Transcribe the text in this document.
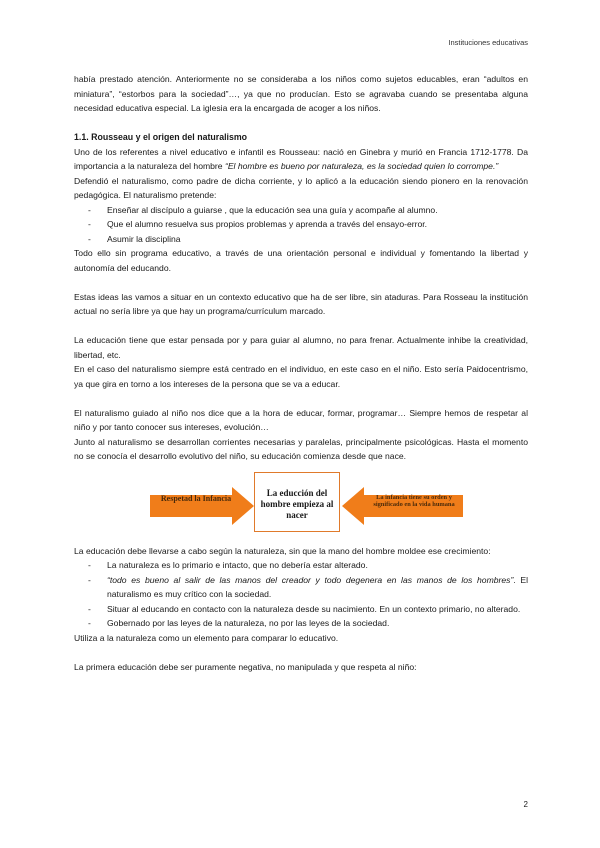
Instituciones educativas

había prestado atención. Anteriormente no se consideraba a los niños como sujetos educables, eran “adultos en miniatura”, “estorbos para la sociedad”…, ya que no producían. Esto se agravaba cuando se presentaba alguna necesidad educativa especial. La iglesia era la encargada de acoger a los niños.

1.1. Rousseau y el origen del naturalismo

Uno de los referentes a nivel educativo e infantil es Rousseau: nació en Ginebra y murió en Francia 1712-1778. Da importancia a la naturaleza del hombre “El hombre es bueno por naturaleza, es la sociedad quien lo corrompe.”

Defendió el naturalismo, como padre de dicha corriente, y lo aplicó a la educación siendo pionero en la renovación pedagógica. El naturalismo pretende:

- Enseñar al discípulo a guiarse , que la educación sea una guía y acompañe al alumno.
- Que el alumno resuelva sus propios problemas y aprenda a través del ensayo-error.
- Asumir la disciplina

Todo ello sin programa educativo, a través de una orientación personal e individual y fomentando la libertad y autonomía del educando.

Estas ideas las vamos a situar en un contexto educativo que ha de ser libre, sin ataduras. Para Rosseau la institución actual no sería libre ya que hay un programa/currículum marcado.

La educación tiene que estar pensada por y para guiar al alumno, no para frenar. Actualmente inhibe la creatividad, libertad, etc.

En el caso del naturalismo siempre está centrado en el individuo, en este caso en el niño. Esto sería Paidocentrismo, ya que gira en torno a los intereses de la persona que se va a educar.

El naturalismo guiado al niño nos dice que a la hora de educar, formar, programar… Siempre hemos de respetar al niño y por tanto conocer sus intereses, evolución…

Junto al naturalismo se desarrollan corrientes necesarias y paralelas, principalmente psicológicas. Hasta el momento no se conocía el desarrollo evolutivo del niño, su educación comienza desde que nace.

Respetad la Infancia
La educción del hombre empieza al nacer
La infancia tiene su orden y significado en la vida humana

La educación debe llevarse a cabo según la naturaleza, sin que la mano del hombre moldee ese crecimiento:

- La naturaleza es lo primario e intacto, que no debería estar alterado.
- “todo es bueno al salir de las manos del creador y todo degenera en las manos de los hombres”. El naturalismo es muy crítico con la sociedad.
- Situar al educando en contacto con la naturaleza desde su nacimiento. En un contexto primario, no alterado.
- Gobernado por las leyes de la naturaleza, no por las leyes de la sociedad.

Utiliza a la naturaleza como un elemento para comparar lo educativo.

La primera educación debe ser puramente negativa, no manipulada y que respeta al niño:

2
